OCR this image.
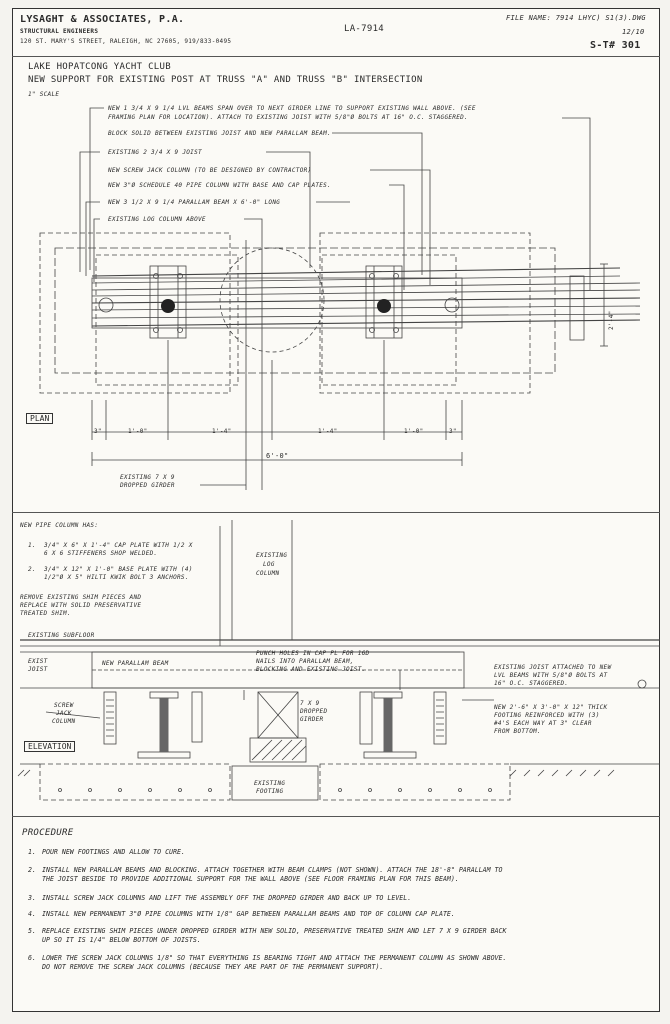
LYSAGHT & ASSOCIATES, P.A.
STRUCTURAL ENGINEERS
120 ST. MARY'S STREET, RALEIGH, NC 27605, 919/833-0495
LA-7914
FILE NAME: 7914 LHYC) S1(3).DWG
12/10
S-T# 301
LAKE HOPATCONG YACHT CLUB
NEW SUPPORT FOR EXISTING POST AT TRUSS "A" AND TRUSS "B" INTERSECTION
1" SCALE
NEW 1 3/4 X 9 1/4 LVL BEAMS SPAN OVER TO NEXT GIRDER LINE TO SUPPORT EXISTING WALL ABOVE. (SEE
FRAMING PLAN FOR LOCATION). ATTACH TO EXISTING JOIST WITH 5/8"Ø BOLTS AT 16" O.C. STAGGERED.
BLOCK SOLID BETWEEN EXISTING JOIST AND NEW PARALLAM BEAM.
EXISTING 2 3/4 X 9 JOIST
NEW SCREW JACK COLUMN (TO BE DESIGNED BY CONTRACTOR)
NEW 3"Ø SCHEDULE 40 PIPE COLUMN WITH BASE AND CAP PLATES.
NEW 3 1/2 X 9 1/4 PARALLAM BEAM X 6'-0" LONG
EXISTING LOG COLUMN ABOVE
PLAN
3"	1'-0"	1'-4"	1'-4"	1'-0"	3"
6'-0"
2'-4"
EXISTING 7 X 9
DROPPED GIRDER
NEW PIPE COLUMN HAS:
1. 3/4" X 6" X 1'-4" CAP PLATE WITH 1/2 X
6 X 6 STIFFENERS SHOP WELDED.
2. 3/4" X 12" X 1'-0" BASE PLATE WITH (4)
1/2"Ø X 5" HILTI KWIK BOLT 3 ANCHORS.
REMOVE EXISTING SHIM PIECES AND
REPLACE WITH SOLID PRESERVATIVE
TREATED SHIM.
EXISTING
LOG
COLUMN
EXISTING SUBFLOOR
EXIST
JOIST
NEW PARALLAM BEAM
PUNCH HOLES IN CAP PL FOR 16D
NAILS INTO PARALLAM BEAM,
BLOCKING AND EXISTING JOIST.	EXISTING JOIST ATTACHED TO NEW
LVL BEAMS WITH 5/8"Ø BOLTS AT
16" O.C. STAGGERED.
SCREW
JACK
COLUMN
7 X 9
DROPPED
GIRDER
NEW 2'-6" X 3'-0" X 12" THICK
FOOTING REINFORCED WITH (3)
#4'S EACH WAY AT 3" CLEAR
FROM BOTTOM.
ELEVATION
EXISTING
FOOTING
PROCEDURE
1. POUR NEW FOOTINGS AND ALLOW TO CURE.
2. INSTALL NEW PARALLAM BEAMS AND BLOCKING. ATTACH TOGETHER WITH BEAM CLAMPS (NOT SHOWN). ATTACH THE 18'-8" PARALLAM TO
THE JOIST BESIDE TO PROVIDE ADDITIONAL SUPPORT FOR THE WALL ABOVE (SEE FLOOR FRAMING PLAN FOR THIS BEAM).
3. INSTALL SCREW JACK COLUMNS AND LIFT THE ASSEMBLY OFF THE DROPPED GIRDER AND BACK UP TO LEVEL.
4. INSTALL NEW PERMANENT 3"Ø PIPE COLUMNS WITH 1/8" GAP BETWEEN PARALLAM BEAMS AND TOP OF COLUMN CAP PLATE.
5. REPLACE EXISTING SHIM PIECES UNDER DROPPED GIRDER WITH NEW SOLID, PRESERVATIVE TREATED SHIM AND LET 7 X 9 GIRDER BACK
UP SO IT IS 1/4" BELOW BOTTOM OF JOISTS.
6. LOWER THE SCREW JACK COLUMNS 1/8" SO THAT EVERYTHING IS BEARING TIGHT AND ATTACH THE PERMANENT COLUMN AS SHOWN ABOVE.
DO NOT REMOVE THE SCREW JACK COLUMNS (BECAUSE THEY ARE PART OF THE PERMANENT SUPPORT).
